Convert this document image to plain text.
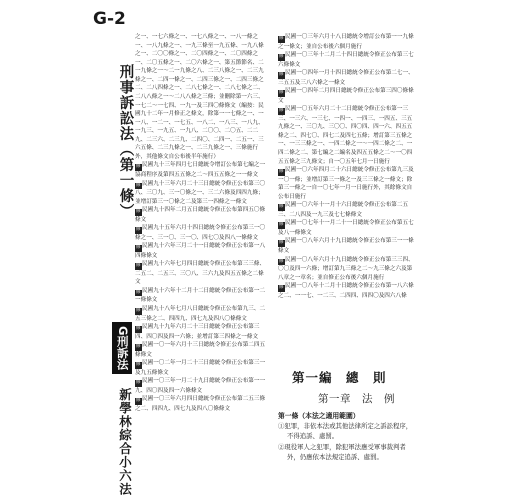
G-2
刑事訴訟法（第一條）
G刑訴法
新學林綜合小六法
之一、一七六條之一、一七八條之一、一八一條之一、一八九條之一、一九三條至一九五條、一九八條之一、二〇〇條之一、二〇四條之一、二〇四條之一、二〇五條之一、二〇六條之一、第五節節名、二一九條之一～二一九條之八、二三八條之一、二三九條之一、二四一條之一、二四三條之一、二四三條之二、二八四條之一、二八七條之一、二八七條之二、二八八條之一～二八八條之三條；並刪除第一六三、一七二～一七四、一九一及三四〇條條文（編按：民國九十二年一月修正之條文，除第一一七條之一、一一八、一二一、一七五、一八二、一八三、一八九、一九三、一九五、一九八、二〇〇、二〇五、二二九、二三六、二三九、二四〇、二四一、二五一、三六五條、二三九條之一、二三九條之一、三條施行外，其他條文自公布後半年施行）
修民國九十三年四月七日總統令增訂公布第七編之一協商程序及第四五五條之二～四五五條之一一條文
修民國九十三年六月二十三日總統令修正公布第三〇八、三〇九、三一〇條之一、三二六條及四四九條；並增訂第三一〇條之二及第三一四條之一條文
修民國九十四年二月五日總統令修正公布第四五〇條條文
修民國九十五年六月十四日總統令修正公布第三一〇條之一、三一〇、三一〇、四七〇及四八一條條文
修民國九十六年三月二十一日總統令修正公布第一八四條條文
修民國九十六年七月四日總統令修正公布第三三條、二五二、二五三、三〇八、三六九及四五五條之二條文
修民國九十六年十二月十二日總統令修正公布第一二一條條文
修民國九十八年七月八日總統令修正公布第九三、二五三條之二、四四九、四七九及四八〇條條文
修民國九十九年六月二十三日總統令修正公布第三四、四〇四及四一六條；並增訂第三四條之一條文
修民國一〇一年六月十三日總統令修正公布第二四五條條文
修民國一〇二年一月二十三日總統令修正公布第三一及九五條條文
修民國一〇三年一月二十九日總統令修正公布第一一九、四〇四及四一六條條文
修民國一〇三年六月四日總統令修正公布第二五三條之二、四四九、四七九及四八〇條條文
修民國一〇三年六月十八日總統令增訂公布第一一九條之一條文；並自公布後六個月施行
修民國一〇三年十二月二十四日總統令修正公布第三七六條條文
修民國一〇四年一月十四日總統令修正公布第二七一、三五五及三八六條之一條文
修民國一〇四年二月四日總統令修正公布第三四〇條條文
修民國一〇五年六月二十二日總統令修正公布第一三三、一三六、一三七、一四一、一四三、一四五、三五九條之一、三〇九、三〇〇、四〇四、四一六、四五五條之二、四七〇、四七二及四七五條；增訂第三五條之一、一三三條之一、一四二條之一～一四二條之二、一四二條之二、第七編之二編名及四五五條之二～一〇四五五條之三九條文；自一〇五年七月一日施行
修民國一〇六年四月二十六日總統令修正公布第九三及一〇一條；並增訂第三一條之一及三三條之一條文；除第三一條之一自一〇七年一月一日施行外，其餘條文自公布日施行
修民國一〇六年十一月十六日總統令修正公布第二五三、二八四及一九三及七七條條文
修民國一〇七年十一月二十一日總統令修正公布第五七及八一條條文
修民國一〇八年六月十九日總統令修正公布第三一一條條文
修民國一〇八年六月十九日總統令修正公布第三三四、〇〇及四一六條；增訂第九三條之二～九三條之六及第八章之一章名；並自修正公布後六個月施行
修民國一〇八年十二月十日總統令修正公布第一八六條之二、一一七、一二三、二四四、四四〇及四六八條
第一編　總　則
第一章　法　例
第一條（本法之適用範圍）
①犯罪，非依本法或其他法律所定之訴訟程序，不得追訴、處罰。
②現役軍人之犯罪，除犯軍法應受軍事裁判者外，仍應依本法規定追訴、處罰。
